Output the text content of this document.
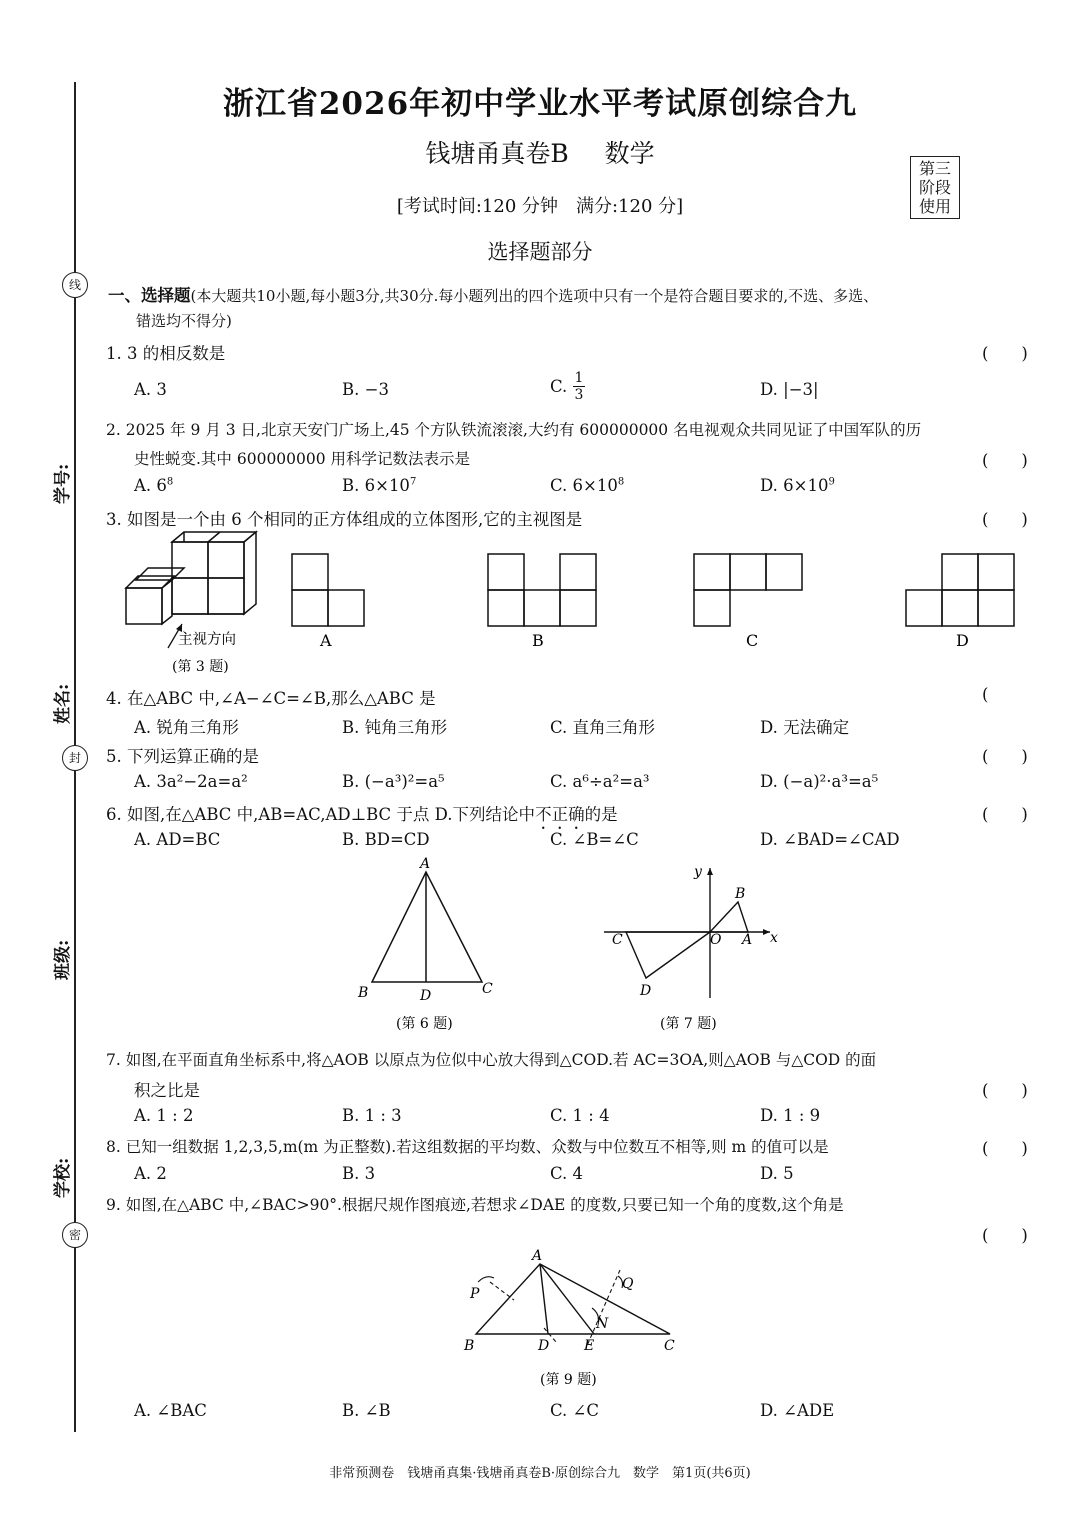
线
封
密
学号:
姓名:
班级:
学校:
浙江省2026年初中学业水平考试原创综合九
钱塘甬真卷B 数学
[考试时间:120 分钟　满分:120 分]
第三
阶段
使用
选择题部分
一、选择题(本大题共10小题,每小题3分,共30分.每小题列出的四个选项中只有一个是符合题目要求的,不选、多选、
错选均不得分)
1. 3 的相反数是	(　　)
A. 3	B. −3	C. $\frac{1}{3}$	D. |−3|
2. 2025 年 9 月 3 日,北京天安门广场上,45 个方队铁流滚滚,大约有 600000000 名电视观众共同见证了中国军队的历
史性蜕变.其中 600000000 用科学记数法表示是	(　　)
A. $6^8$	B. $6\times 10^7$	C. $6\times 10^8$	D. $6\times 10^9$
3. 如图是一个由 6 个相同的正方体组成的立体图形,它的主视图是	(　　)
主视方向
(第 3 题)
A	B	C	D
4. 在△ABC 中,∠A−∠C=∠B,那么△ABC 是	(
A. 锐角三角形	B. 钝角三角形	C. 直角三角形	D. 无法确定
5. 下列运算正确的是	(　　)
A. 3a²−2a=a²	B. (−a³)²=a⁵	C. a⁶÷a²=a³	D. (−a)²·a³=a⁵
6. 如图,在△ABC 中,AB=AC,AD⊥BC 于点 D.下列结论中不正确的是	(　　)
A. AD=BC	B. BD=CD	C. ∠B=∠C	D. ∠BAD=∠CAD
A
B	C
D
(第 6 题)
y
x
B
O A
C
D
(第 7 题)
7. 如图,在平面直角坐标系中,将△AOB 以原点为位似中心放大得到△COD.若 AC=3OA,则△AOB 与△COD 的面
积之比是	(　　)
A. 1 : 2	B. 1 : 3	C. 1 : 4	D. 1 : 9
8. 已知一组数据 1,2,3,5,m(m 为正整数).若这组数据的平均数、众数与中位数互不相等,则 m 的值可以是	(　　)
A. 2	B. 3	C. 4	D. 5
9. 如图,在△ABC 中,∠BAC>90°.根据尺规作图痕迹,若想求∠DAE 的度数,只要已知一个角的度数,这个角是
(　　)
A
P
Q
N
B	D E	C
(第 9 题)
A. ∠BAC	B. ∠B	C. ∠C	D. ∠ADE
非常预测卷　钱塘甬真集·钱塘甬真卷B·原创综合九　数学　第1页(共6页)
